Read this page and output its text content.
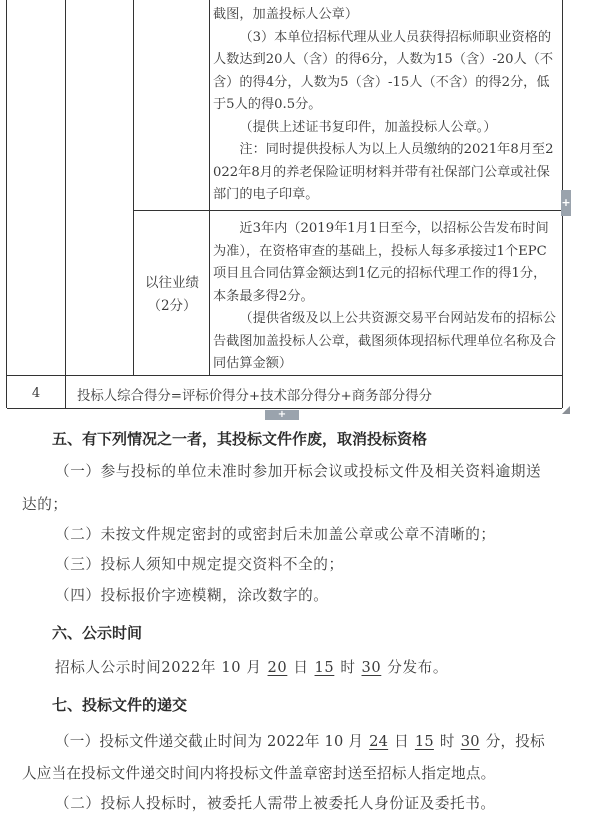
截图，加盖投标人公章）

（3）本单位招标代理从业人员获得招标师职业资格的人数达到20人（含）的得6分，人数为15（含）-20人（不含）的得4分，人数为5（含）-15人（不含）的得2分，低于5人的得0.5分。

（提供上述证书复印件，加盖投标人公章。）

注：同时提供投标人为以上人员缴纳的2021年8月至2022年8月的养老保险证明材料并带有社保部门公章或社保部门的电子印章。

以往业绩
（2分）

近3年内（2019年1月1日至今，以招标公告发布时间为准），在资格审查的基础上，投标人每多承接过1个EPC项目且合同估算金额达到1亿元的招标代理工作的得1分，本条最多得2分。

（提供省级及以上公共资源交易平台网站发布的招标公告截图加盖投标人公章，截图须体现招标代理单位名称及合同估算金额）

4	投标人综合得分=评标价得分+技术部分得分+商务部分得分
+
+
五、有下列情况之一者，其投标文件作废，取消投标资格
（一）参与投标的单位未准时参加开标会议或投标文件及相关资料逾期送
达的；
（二）未按文件规定密封的或密封后未加盖公章或公章不清晰的；
（三）投标人须知中规定提交资料不全的；
（四）投标报价字迹模糊，涂改数字的。
六、公示时间
招标人公示时间2022年 10 月 20 日 15 时 30 分发布。
七、投标文件的递交
（一）投标文件递交截止时间为 2022年 10 月 24 日 15 时 30 分，投标
人应当在投标文件递交时间内将投标文件盖章密封送至招标人指定地点。
（二）投标人投标时，被委托人需带上被委托人身份证及委托书。
